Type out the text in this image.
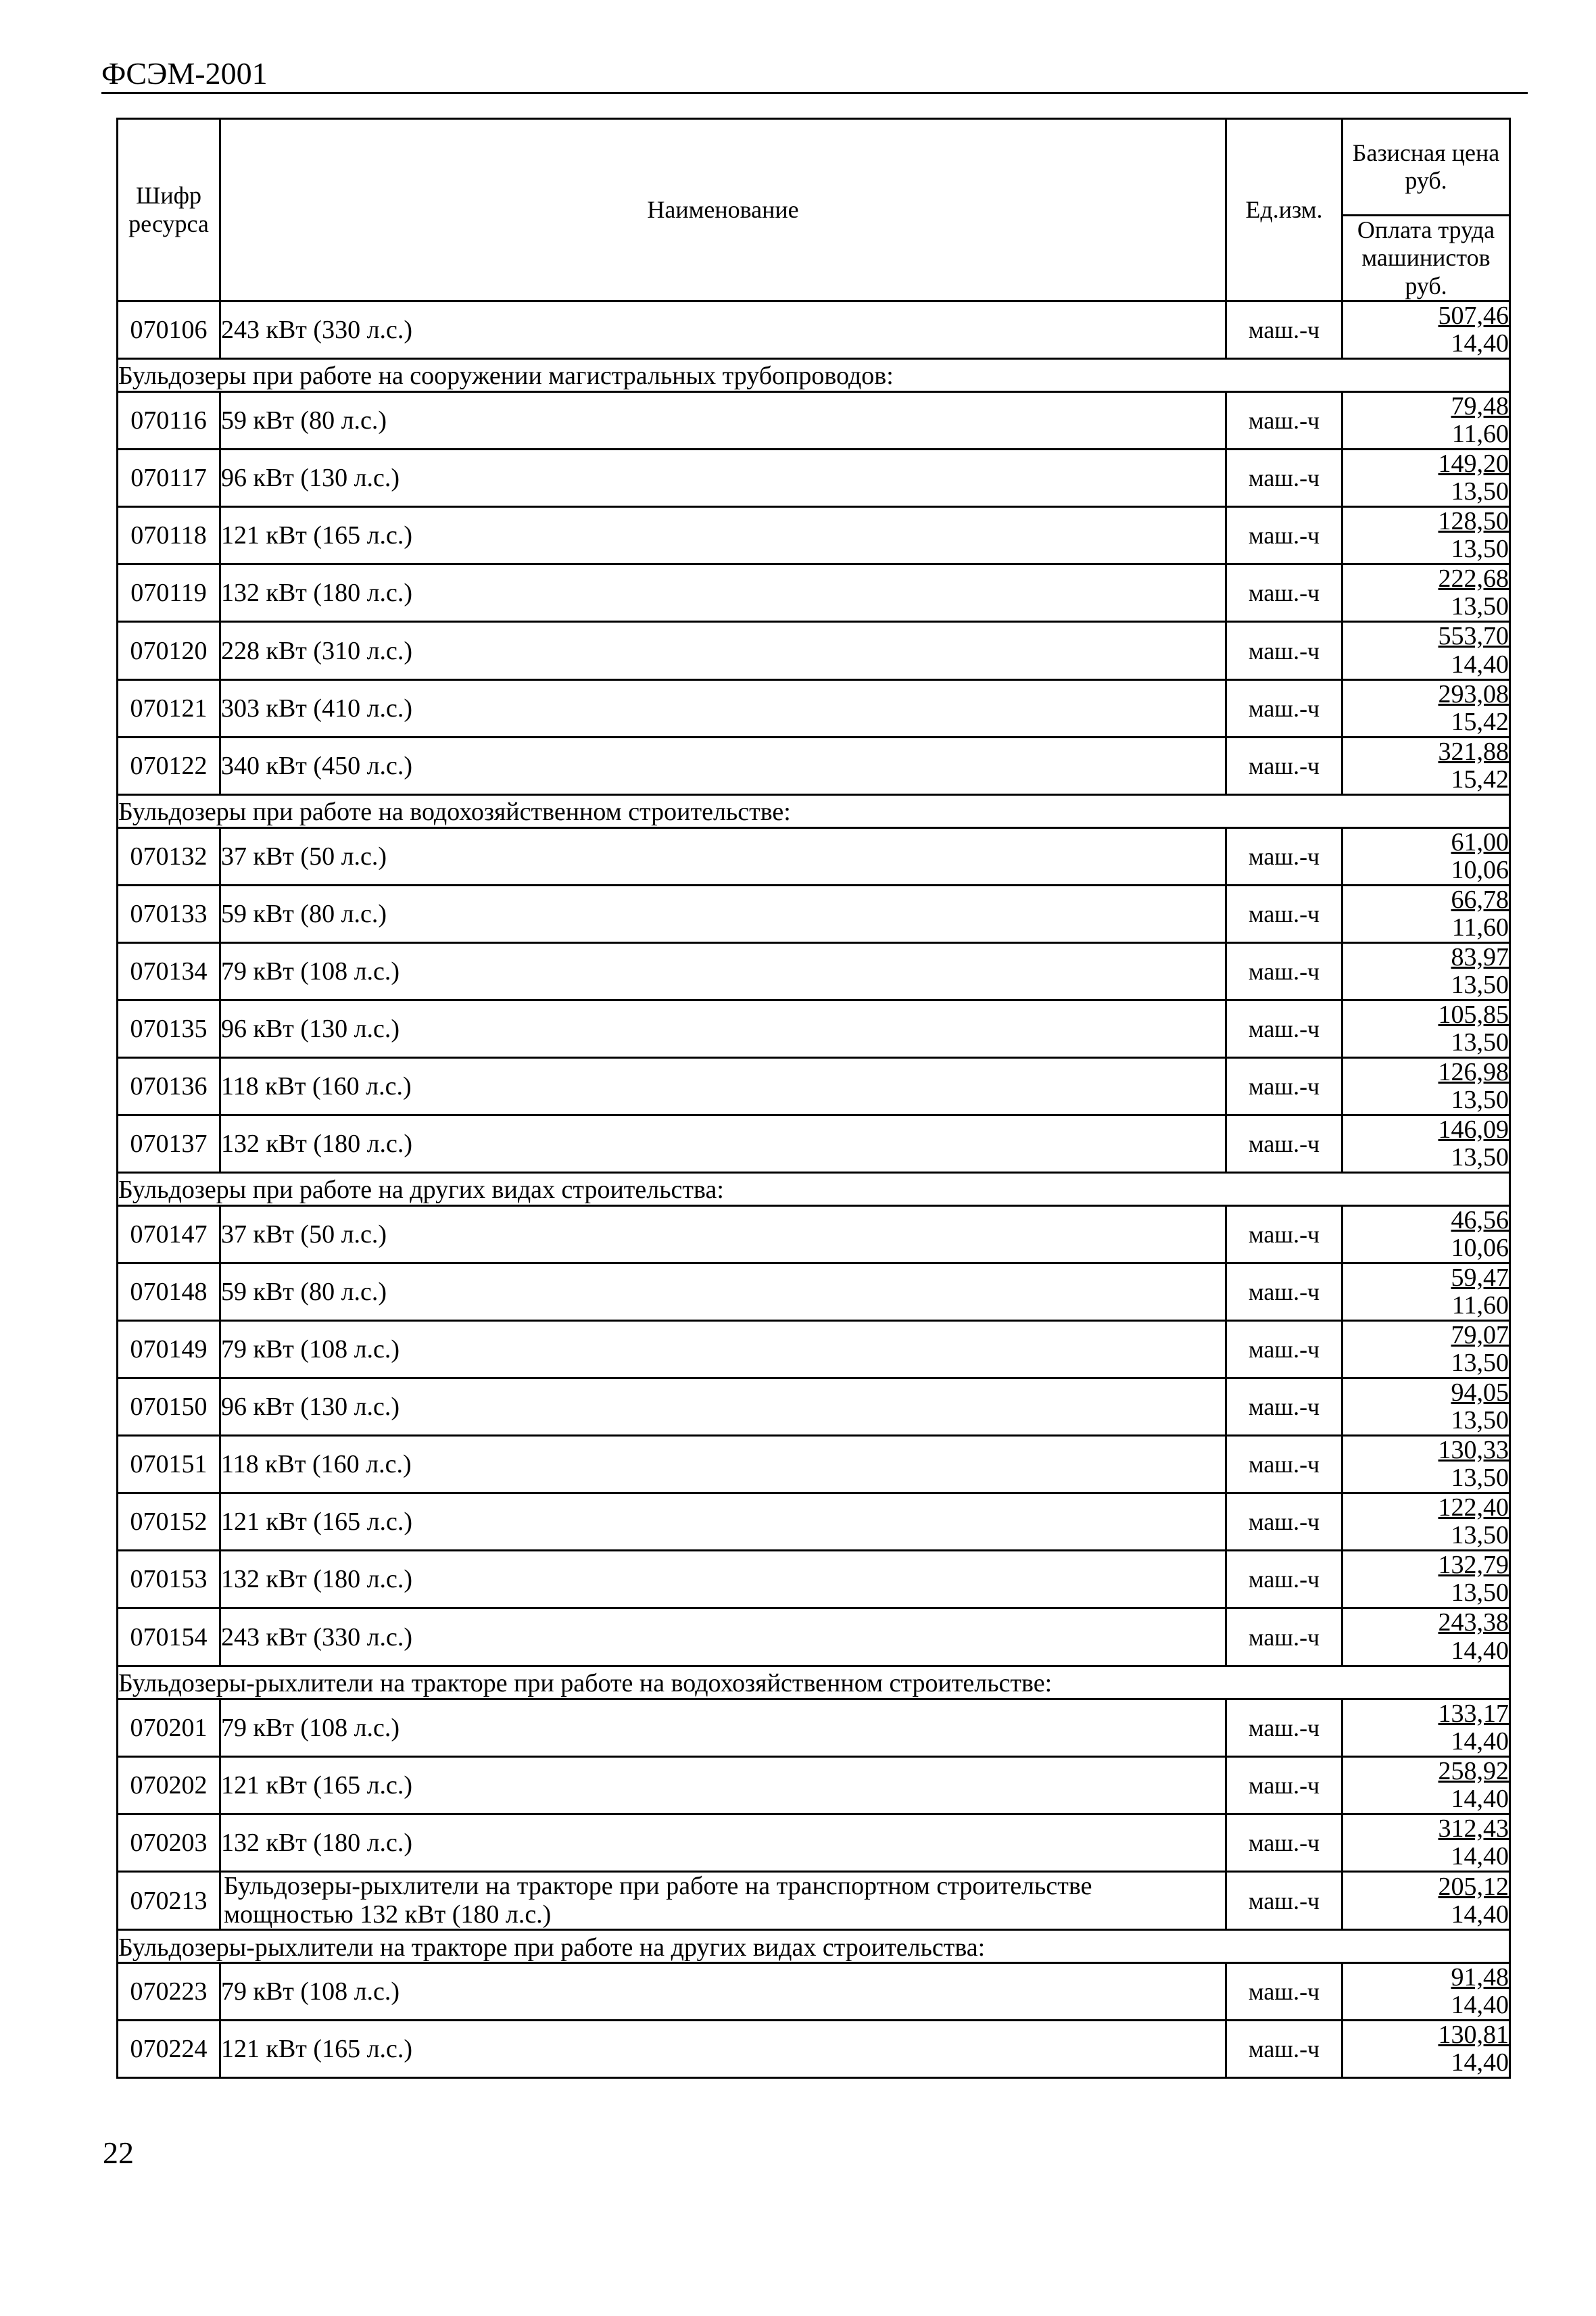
ФСЭМ-2001
Шифр ресурса	Наименование	Ед.изм.	Базисная цена руб.
			Оплата труда машинистов руб.
070106	243 кВт (330 л.с.)	маш.-ч	507,46
14,40

Бульдозеры при работе на сооружении магистральных трубопроводов:			
070116	59 кВт (80 л.с.)	маш.-ч	79,48
11,60

070117	96 кВт (130 л.с.)	маш.-ч	149,20
13,50

070118	121 кВт (165 л.с.)	маш.-ч	128,50
13,50

070119	132 кВт (180 л.с.)	маш.-ч	222,68
13,50

070120	228 кВт (310 л.с.)	маш.-ч	553,70
14,40

070121	303 кВт (410 л.с.)	маш.-ч	293,08
15,42

070122	340 кВт (450 л.с.)	маш.-ч	321,88
15,42

Бульдозеры при работе на водохозяйственном строительстве:			
070132	37 кВт (50 л.с.)	маш.-ч	61,00
10,06

070133	59 кВт (80 л.с.)	маш.-ч	66,78
11,60

070134	79 кВт (108 л.с.)	маш.-ч	83,97
13,50

070135	96 кВт (130 л.с.)	маш.-ч	105,85
13,50

070136	118 кВт (160 л.с.)	маш.-ч	126,98
13,50

070137	132 кВт (180 л.с.)	маш.-ч	146,09
13,50

Бульдозеры при работе на других видах строительства:			
070147	37 кВт (50 л.с.)	маш.-ч	46,56
10,06

070148	59 кВт (80 л.с.)	маш.-ч	59,47
11,60

070149	79 кВт (108 л.с.)	маш.-ч	79,07
13,50

070150	96 кВт (130 л.с.)	маш.-ч	94,05
13,50

070151	118 кВт (160 л.с.)	маш.-ч	130,33
13,50

070152	121 кВт (165 л.с.)	маш.-ч	122,40
13,50

070153	132 кВт (180 л.с.)	маш.-ч	132,79
13,50

070154	243 кВт (330 л.с.)	маш.-ч	243,38
14,40

Бульдозеры-рыхлители на тракторе при работе на водохозяйственном строительстве:			
070201	79 кВт (108 л.с.)	маш.-ч	133,17
14,40

070202	121 кВт (165 л.с.)	маш.-ч	258,92
14,40

070203	132 кВт (180 л.с.)	маш.-ч	312,43
14,40

070213	Бульдозеры-рыхлители на тракторе при работе на транспортном строительстве мощностью 132 кВт (180 л.с.)	маш.-ч	205,12
14,40

Бульдозеры-рыхлители на тракторе при работе на других видах строительства:			
070223	79 кВт (108 л.с.)	маш.-ч	91,48
14,40

070224	121 кВт (165 л.с.)	маш.-ч	130,81
14,40
22
